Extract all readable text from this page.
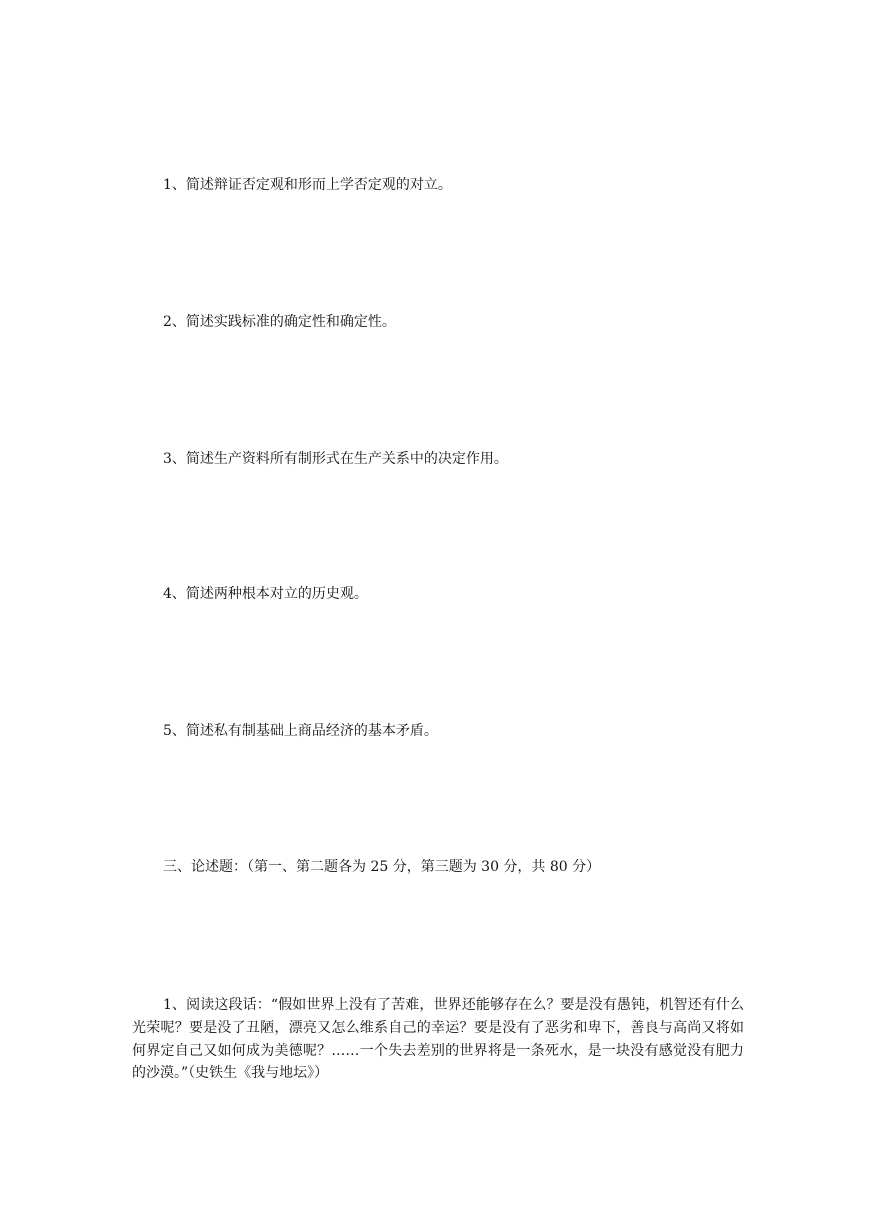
1、简述辩证否定观和形而上学否定观的对立。
2、简述实践标准的确定性和确定性。
3、简述生产资料所有制形式在生产关系中的决定作用。
4、简述两种根本对立的历史观。
5、简述私有制基础上商品经济的基本矛盾。
三、论述题：（第一、第二题各为 25 分，第三题为 30 分，共 80 分）

1、阅读这段话：“假如世界上没有了苦难，世界还能够存在么？要是没有愚钝，机智还有什么光荣呢？要是没了丑陋，漂亮又怎么维系自己的幸运？要是没有了恶劣和卑下，善良与高尚又将如何界定自己又如何成为美德呢？……一个失去差别的世界将是一条死水，是一块没有感觉没有肥力的沙漠。”（史铁生《我与地坛》）
